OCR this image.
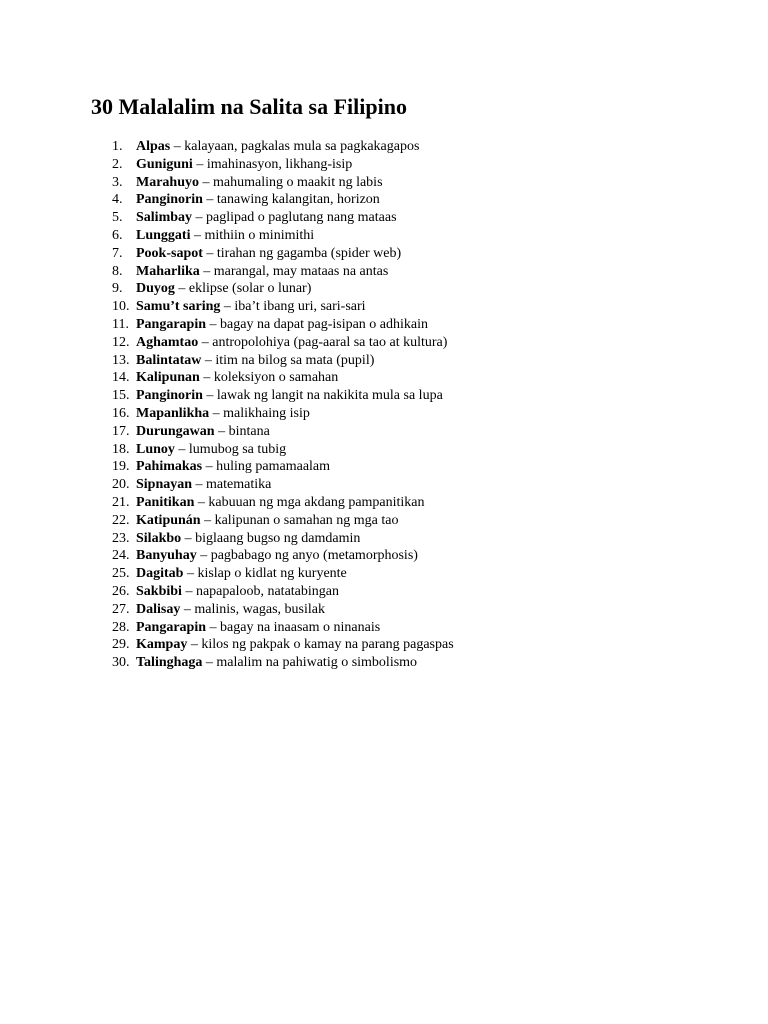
30 Malalalim na Salita sa Filipino
1. Alpas – kalayaan, pagkalas mula sa pagkakagapos
2. Guniguni – imahinasyon, likhang-isip
3. Marahuyo – mahumaling o maakit ng labis
4. Panginorin – tanawing kalangitan, horizon
5. Salimbay – paglipad o paglutang nang mataas
6. Lunggati – mithiin o minimithi
7. Pook-sapot – tirahan ng gagamba (spider web)
8. Maharlika – marangal, may mataas na antas
9. Duyog – eklipse (solar o lunar)
10. Samu’t saring – iba’t ibang uri, sari-sari
11. Pangarapin – bagay na dapat pag-isipan o adhikain
12. Aghamtao – antropolohiya (pag-aaral sa tao at kultura)
13. Balintataw – itim na bilog sa mata (pupil)
14. Kalipunan – koleksiyon o samahan
15. Panginorin – lawak ng langit na nakikita mula sa lupa
16. Mapanlikha – malikhaing isip
17. Durungawan – bintana
18. Lunoy – lumubog sa tubig
19. Pahimakas – huling pamamaalam
20. Sipnayan – matematika
21. Panitikan – kabuuan ng mga akdang pampanitikan
22. Katipunán – kalipunan o samahan ng mga tao
23. Silakbo – biglaang bugso ng damdamin
24. Banyuhay – pagbabago ng anyo (metamorphosis)
25. Dagitab – kislap o kidlat ng kuryente
26. Sakbibi – napapaloob, natatabingan
27. Dalisay – malinis, wagas, busilak
28. Pangarapin – bagay na inaasam o ninanais
29. Kampay – kilos ng pakpak o kamay na parang pagaspas
30. Talinghaga – malalim na pahiwatig o simbolismo
